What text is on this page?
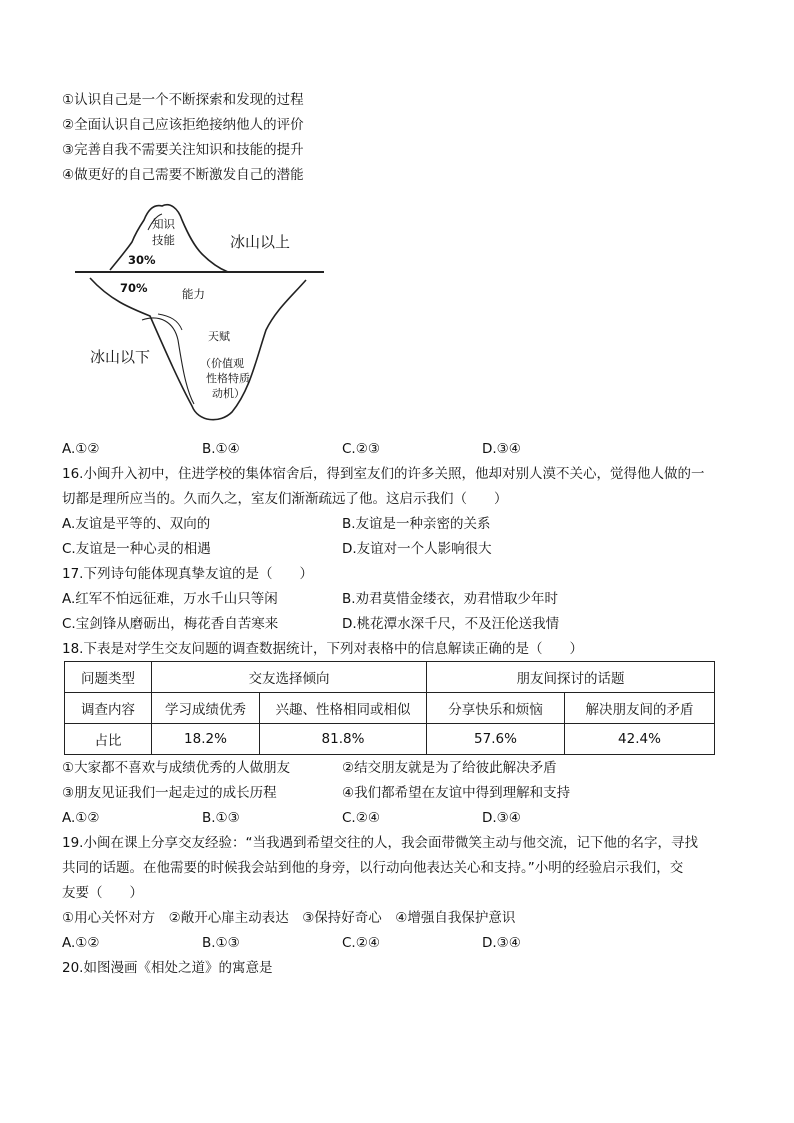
①认识自己是一个不断探索和发现的过程
②全面认识自己应该拒绝接纳他人的评价
③完善自我不需要关注知识和技能的提升
④做更好的自己需要不断激发自己的潜能
知识
技能
30%
冰山以上
70%	能力
天赋
冰山以下	（价值观
性格特质
动机）
A.①②	B.①④	C.②③	D.③④
16.小闽升入初中，住进学校的集体宿舍后，得到室友们的许多关照，他却对别人漠不关心，觉得他人做的一
切都是理所应当的。久而久之，室友们渐渐疏远了他。这启示我们（　　）
A.友谊是平等的、双向的	B.友谊是一种亲密的关系
C.友谊是一种心灵的相遇	D.友谊对一个人影响很大
17.下列诗句能体现真挚友谊的是（　　）
A.红军不怕远征难，万水千山只等闲	B.劝君莫惜金缕衣，劝君惜取少年时
C.宝剑锋从磨砺出，梅花香自苦寒来	D.桃花潭水深千尺，不及汪伦送我情
18.下表是对学生交友问题的调查数据统计，下列对表格中的信息解读正确的是（　　）
问题类型	交友选择倾向		朋友间探讨的话题	
调查内容	学习成绩优秀	兴趣、性格相同或相似	分享快乐和烦恼	解决朋友间的矛盾
占比	18.2%	81.8%	57.6%	42.4%
①大家都不喜欢与成绩优秀的人做朋友	②结交朋友就是为了给彼此解决矛盾
③朋友见证我们一起走过的成长历程	④我们都希望在友谊中得到理解和支持
A.①②	B.①③	C.②④	D.③④
19.小闽在课上分享交友经验：“当我遇到希望交往的人，我会面带微笑主动与他交流，记下他的名字，寻找
共同的话题。在他需要的时候我会站到他的身旁，以行动向他表达关心和支持。”小明的经验启示我们，交
友要（　　）
①用心关怀对方　②敞开心扉主动表达　③保持好奇心　④增强自我保护意识
A.①②	B.①③	C.②④	D.③④
20.如图漫画《相处之道》的寓意是
